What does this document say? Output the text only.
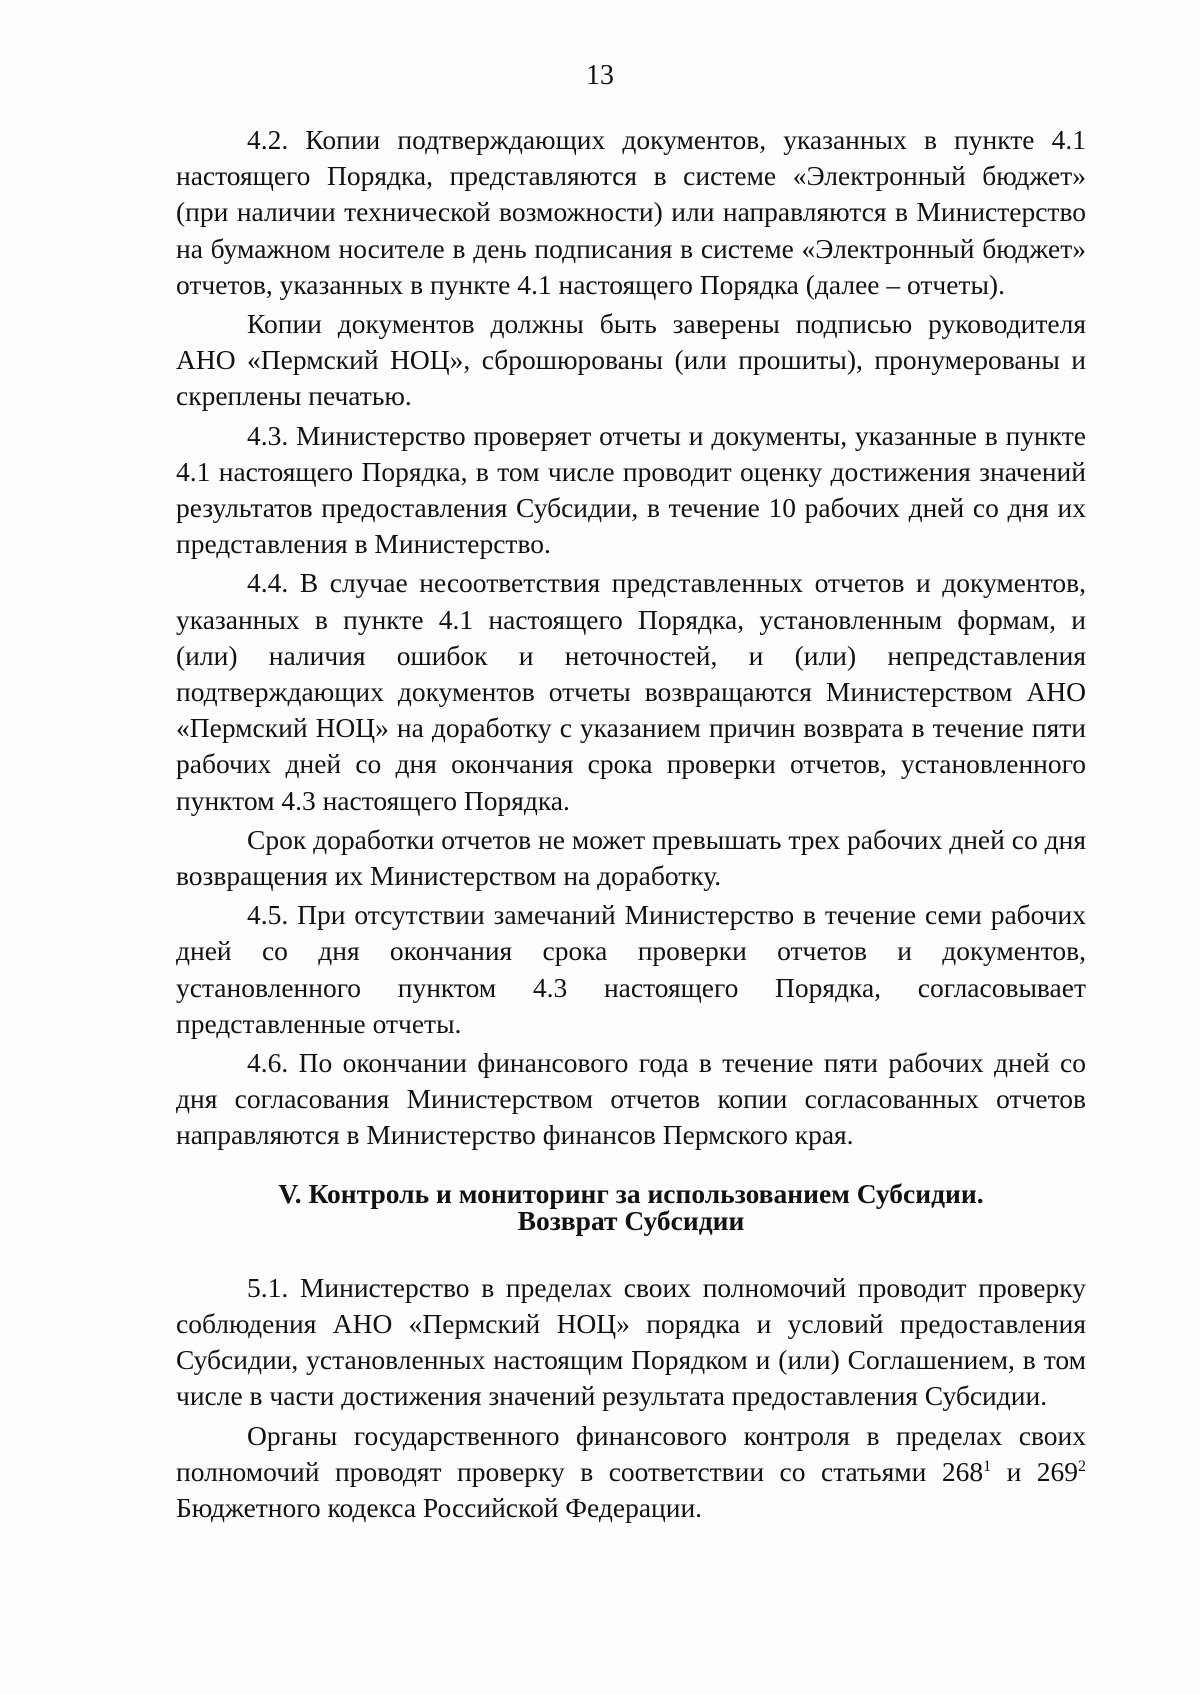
13

4.2. Копии подтверждающих документов, указанных в пункте 4.1 настоящего Порядка, представляются в системе «Электронный бюджет» (при наличии технической возможности) или направляются в Министерство на бумажном носителе в день подписания в системе «Электронный бюджет» отчетов, указанных в пункте 4.1 настоящего Порядка (далее – отчеты).

Копии документов должны быть заверены подписью руководителя АНО «Пермский НОЦ», сброшюрованы (или прошиты), пронумерованы и скреплены печатью.

4.3. Министерство проверяет отчеты и документы, указанные в пункте 4.1 настоящего Порядка, в том числе проводит оценку достижения значений результатов предоставления Субсидии, в течение 10 рабочих дней со дня их представления в Министерство.

4.4. В случае несоответствия представленных отчетов и документов, указанных в пункте 4.1 настоящего Порядка, установленным формам, и (или) наличия ошибок и неточностей, и (или) непредставления подтверждающих документов отчеты возвращаются Министерством АНО «Пермский НОЦ» на доработку с указанием причин возврата в течение пяти рабочих дней со дня окончания срока проверки отчетов, установленного пунктом 4.3 настоящего Порядка.

Срок доработки отчетов не может превышать трех рабочих дней со дня возвращения их Министерством на доработку.

4.5. При отсутствии замечаний Министерство в течение семи рабочих дней со дня окончания срока проверки отчетов и документов, установленного пунктом 4.3 настоящего Порядка, согласовывает представленные отчеты.

4.6. По окончании финансового года в течение пяти рабочих дней со дня согласования Министерством отчетов копии согласованных отчетов направляются в Министерство финансов Пермского края.

V. Контроль и мониторинг за использованием Субсидии.
Возврат Субсидии

5.1. Министерство в пределах своих полномочий проводит проверку соблюдения АНО «Пермский НОЦ» порядка и условий предоставления Субсидии, установленных настоящим Порядком и (или) Соглашением, в том числе в части достижения значений результата предоставления Субсидии.

Органы государственного финансового контроля в пределах своих полномочий проводят проверку в соответствии со статьями $268^1$ и $269^2$ Бюджетного кодекса Российской Федерации.
